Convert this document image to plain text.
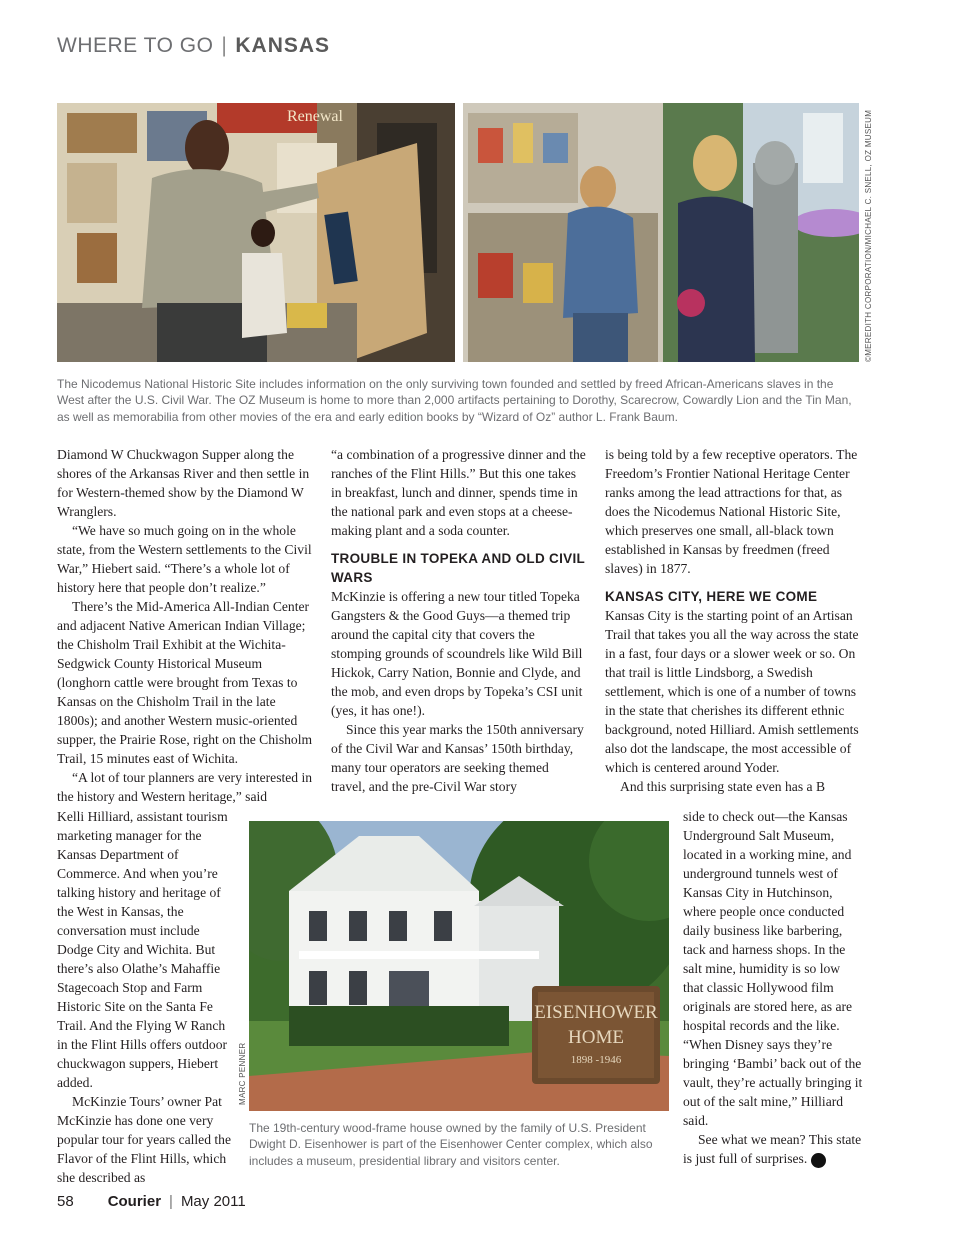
WHERE TO GO | KANSAS
Renewal	©MEREDITH CORPORATION/MICHAEL C. SNELL, OZ MUSEUM
The Nicodemus National Historic Site includes information on the only surviving town founded and settled by freed African-Americans slaves in the West after the U.S. Civil War. The OZ Museum is home to more than 2,000 artifacts pertaining to Dorothy, Scarecrow, Cowardly Lion and the Tin Man, as well as memorabilia from other movies of the era and early edition books by “Wizard of Oz” author L. Frank Baum.

Diamond W Chuckwagon Supper along the shores of the Arkansas River and then settle in for Western-themed show by the Diamond W Wranglers.

“We have so much going on in the whole state, from the Western settlements to the Civil War,” Hiebert said. “There’s a whole lot of history here that people don’t realize.”

There’s the Mid-America All-Indian Center and adjacent Native American Indian Village; the Chisholm Trail Exhibit at the Wichita-Sedgwick County Historical Museum (longhorn cattle were brought from Texas to Kansas on the Chisholm Trail in the late 1800s); and another Western music-oriented supper, the Prairie Rose, right on the Chisholm Trail, 15 minutes east of Wichita.

“A lot of tour planners are very interested in the history and Western heritage,” said

Kelli Hilliard, assistant tourism marketing manager for the Kansas Department of Commerce. And when you’re talking history and heritage of the West in Kansas, the conversation must include Dodge City and Wichita. But there’s also Olathe’s Mahaffie Stagecoach Stop and Farm Historic Site on the Santa Fe Trail. And the Flying W Ranch in the Flint Hills offers outdoor chuckwagon suppers, Hiebert added.

McKinzie Tours’ owner Pat McKinzie has done one very popular tour for years called the Flavor of the Flint Hills, which she described as

“a combination of a progressive dinner and the ranches of the Flint Hills.” But this one takes in breakfast, lunch and dinner, spends time in the national park and even stops at a cheese-making plant and a soda counter.

TROUBLE IN TOPEKA AND OLD CIVIL WARS

McKinzie is offering a new tour titled Topeka Gangsters & the Good Guys—a themed trip around the capital city that covers the stomping grounds of scoundrels like Wild Bill Hickok, Carry Nation, Bonnie and Clyde, and the mob, and even drops by Topeka’s CSI unit (yes, it has one!).

Since this year marks the 150th anniversary of the Civil War and Kansas’ 150th birthday, many tour operators are seeking themed travel, and the pre-Civil War story

is being told by a few receptive operators. The Freedom’s Frontier National Heritage Center ranks among the lead attractions for that, as does the Nicodemus National Historic Site, which preserves one small, all-black town established in Kansas by freedmen (freed slaves) in 1877.

KANSAS CITY, HERE WE COME

Kansas City is the starting point of an Artisan Trail that takes you all the way across the state in a fast, four days or a slower week or so. On that trail is little Lindsborg, a Swedish settlement, which is one of a number of towns in the state that cherishes its different ethnic background, noted Hilliard. Amish settlements also dot the landscape, the most accessible of which is centered around Yoder.

And this surprising state even has a B

side to check out—the Kansas Underground Salt Museum, located in a working mine, and underground tunnels west of Kansas City in Hutchinson, where people once conducted daily business like barbering, tack and harness shops. In the salt mine, humidity is so low that classic Hollywood film originals are stored here, as are hospital records and the like. “When Disney says they’re bringing ‘Bambi’ back out of the vault, they’re actually bringing it out of the salt mine,” Hilliard said.

See what we mean? This state is just full of surprises. C

EISENHOWER
HOME
1898 -1946
MARC PENNER
The 19th-century wood-frame house owned by the family of U.S. President Dwight D. Eisenhower is part of the Eisenhower Center complex, which also includes a museum, presidential library and visitors center.
58 Courier | May 2011
